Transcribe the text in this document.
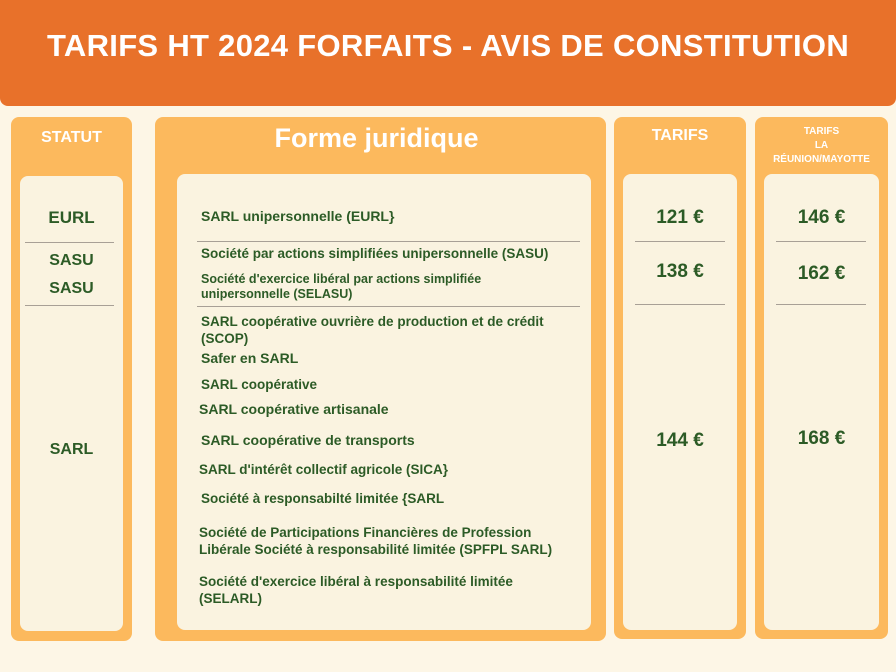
TARIFS HT 2024 FORFAITS - AVIS DE CONSTITUTION
STATUT
EURL
SASU
SASU
SARL
Forme juridique
SARL unipersonnelle (EURL}
Société par actions simplifiées unipersonnelle (SASU)
Société d'exercice libéral par actions simplifiée unipersonnelle (SELASU)
SARL coopérative ouvrière de production et de crédit (SCOP)
Safer en SARL
SARL coopérative
SARL coopérative artisanale
SARL coopérative de transports
SARL d'intérêt collectif agricole (SICA}
Société à responsabilté limitée {SARL
Société de Participations Financières de Profession Libérale Société à responsabilité limitée (SPFPL SARL)
Société d'exercice libéral à responsabilité limitée (SELARL)
TARIFS
121 €
138 €
144 €
TARIFS
LA
RÉUNION/MAYOTTE
146 €
162 €
168 €
